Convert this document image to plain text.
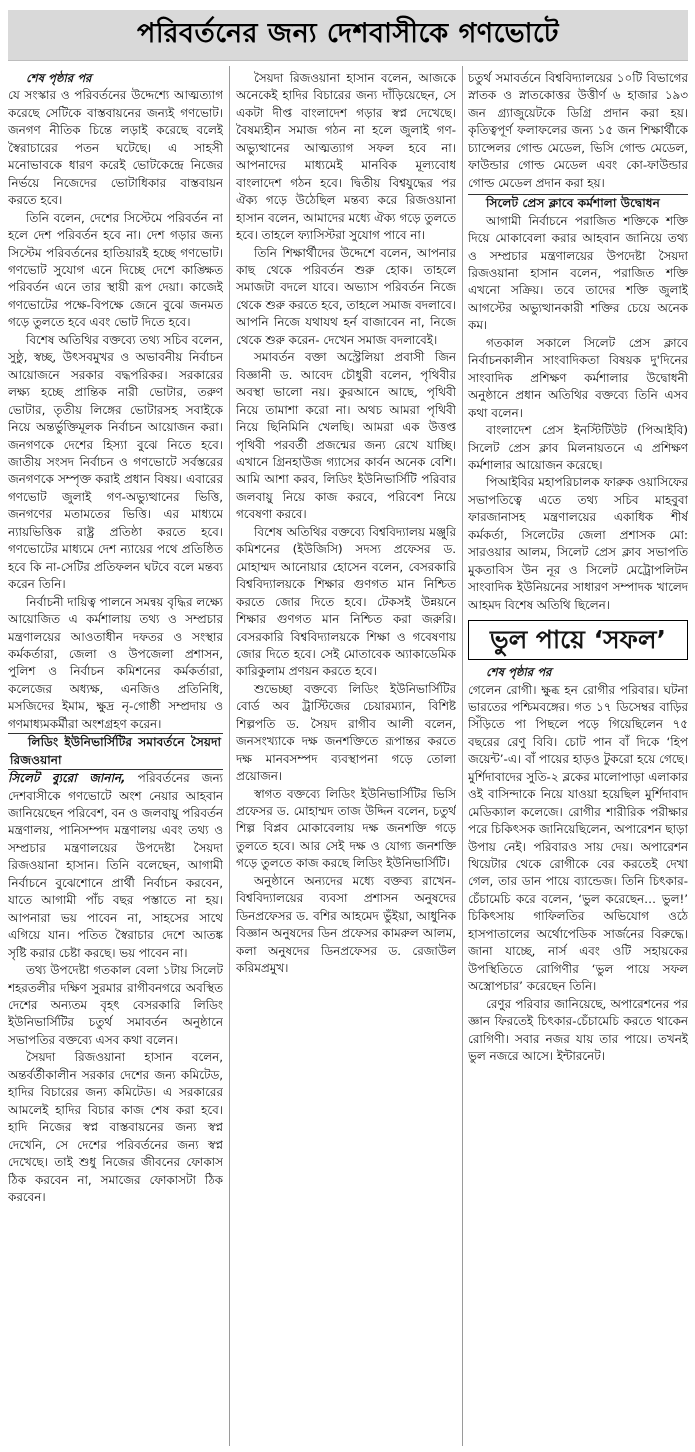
পরিবর্তনের জন্য দেশবাসীকে গণভোটে

শেষ পৃষ্ঠার পর

যে সংস্কার ও পরিবর্তনের উদ্দেশ্যে আত্মত্যাগ করেছে সেটিকে বাস্তবায়নের জন্যই গণভোট। জনগণ নীতিক চিন্তে লড়াই করেছে বলেই স্বৈরাচারের পতন ঘটেছে। এ সাহসী মনোভাবকে ধারণ করেই ভোটকেন্দ্রে নিজের নির্ভয়ে নিজেদের ভোটাধিকার বাস্তবায়ন করতে হবে।

তিনি বলেন, দেশের সিস্টেমে পরিবর্তন না হলে দেশ পরিবর্তন হবে না। দেশ গড়ার জন্য সিস্টেম পরিবর্তনের হাতিয়ারই হচ্ছে গণভোট। গণভোট সুযোগ এনে দিচ্ছে দেশে কাঙ্ক্ষিত পরিবর্তন এনে তার স্থায়ী রূপ দেয়া। কাজেই গণভোটের পক্ষে-বিপক্ষে জেনে বুঝে জনমত গড়ে তুলতে হবে এবং ভোট দিতে হবে।

বিশেষ অতিথির বক্তব্যে তথ্য সচিব বলেন, সুষ্ঠু, স্বচ্ছ, উৎসবমুখর ও অভাবনীয় নির্বাচন আয়োজনে সরকার বদ্ধপরিকর। সরকারের লক্ষ্য হচ্ছে প্রান্তিক নারী ভোটার, তরুণ ভোটার, তৃতীয় লিঙ্গের ভোটারসহ সবাইকে নিয়ে অন্তর্ভুক্তিমূলক নির্বাচন আয়োজন করা। জনগণকে দেশের হিস্যা বুঝে নিতে হবে। জাতীয় সংসদ নির্বাচন ও গণভোটে সর্বস্তরের জনগণকে সম্পৃক্ত করাই প্রধান বিষয়। এবারের গণভোট জুলাই গণ-অভ্যুত্থানের ভিত্তি, জনগণের মতামতের ভিত্তি। এর মাধ্যমে ন্যায়ভিত্তিক রাষ্ট্র প্রতিষ্ঠা করতে হবে। গণভোটের মাধ্যমে দেশ ন্যায়ের পথে প্রতিষ্ঠিত হবে কি না-সেটির প্রতিফলন ঘটবে বলে মন্তব্য করেন তিনি।

নির্বাচনী দায়িত্ব পালনে সমন্বয় বৃদ্ধির লক্ষ্যে আয়োজিত এ কর্মশালায় তথ্য ও সম্প্রচার মন্ত্রণালয়ের আওতাধীন দফতর ও সংস্থার কর্মকর্তারা, জেলা ও উপজেলা প্রশাসন, পুলিশ ও নির্বাচন কমিশনের কর্মকর্তারা, কলেজের অধ্যক্ষ, এনজিও প্রতিনিধি, মসজিদের ইমাম, ক্ষুদ্র নৃ-গোষ্ঠী সম্প্রদায় ও গণমাধ্যমকর্মীরা অংশগ্রহণ করেন।

লিডিং ইউনিভার্সিটির সমাবর্তনে সৈয়দা রিজওয়ানা

সিলেট ব্যুরো জানান, পরিবর্তনের জন্য দেশবাসীকে গণভোটে অংশ নেয়ার আহবান জানিয়েছেন পরিবেশ, বন ও জলবায়ু পরিবর্তন মন্ত্রণালয়, পানিসম্পদ মন্ত্রণালয় এবং তথ্য ও সম্প্রচার মন্ত্রণালয়ের উপদেষ্টা সৈয়দা রিজওয়ানা হাসান। তিনি বলেছেন, আগামী নির্বাচনে বুঝেশোনে প্রার্থী নির্বাচন করবেন, যাতে আগামী পাঁচ বছর পস্তাতে না হয়। আপনারা ভয় পাবেন না, সাহসের সাথে এগিয়ে যান। পতিত স্বৈরাচার দেশে আতঙ্ক সৃষ্টি করার চেষ্টা করছে। ভয় পাবেন না।

তথ্য উপদেষ্টা গতকাল বেলা ১টায় সিলেট শহরতলীর দক্ষিণ সুরমার রাগীবনগরে অবস্থিত দেশের অন্যতম বৃহৎ বেসরকারি লিডিং ইউনিভার্সিটির চতুর্থ সমাবর্তন অনুষ্ঠানে সভাপতির বক্তব্যে এসব কথা বলেন।

সৈয়দা রিজওয়ানা হাসান বলেন, অন্তর্বর্তীকালীন সরকার দেশের জন্য কমিটেড, হাদির বিচারের জন্য কমিটেড। এ সরকারের আমলেই হাদির বিচার কাজ শেষ করা হবে। হাদি নিজের স্বপ্ন বাস্তবায়নের জন্য স্বপ্ন দেখেনি, সে দেশের পরিবর্তনের জন্য স্বপ্ন দেখেছে। তাই শুধু নিজের জীবনের ফোকাস ঠিক করবেন না, সমাজের ফোকাসটা ঠিক করবেন।

সৈয়দা রিজওয়ানা হাসান বলেন, আজকে অনেকেই হাদির বিচারের জন্য দাঁড়িয়েছেন, সে একটা দীপ্ত বাংলাদেশ গড়ার স্বপ্ন দেখেছে। বৈষম্যহীন সমাজ গঠন না হলে জুলাই গণ-অভ্যুত্থানের আত্মত্যাগ সফল হবে না। আপনাদের মাধ্যমেই মানবিক মূল্যবোধ বাংলাদেশ গঠন হবে। দ্বিতীয় বিশ্বযুদ্ধের পর ঐক্য গড়ে উঠেছিল মন্তব্য করে রিজওয়ানা হাসান বলেন, আমাদের মধ্যে ঐক্য গড়ে তুলতে হবে। তাহলে ফ্যাসিস্টরা সুযোগ পাবে না।

তিনি শিক্ষার্থীদের উদ্দেশে বলেন, আপনার কাছ থেকে পরিবর্তন শুরু হোক। তাহলে সমাজটা বদলে যাবে। অভ্যাস পরিবর্তন নিজে থেকে শুরু করতে হবে, তাহলে সমাজ বদলাবে। আপনি নিজে যথাযথ হর্ন বাজাবেন না, নিজে থেকে শুরু করেন- দেখেন সমাজ বদলাবেই।

সমাবর্তন বক্তা অস্ট্রেলিয়া প্রবাসী জিন বিজ্ঞানী ড. আবেদ চৌধুরী বলেন, পৃথিবীর অবস্থা ভালো নয়। কুরআনে আছে, পৃথিবী নিয়ে তামাশা করো না। অথচ আমরা পৃথিবী নিয়ে ছিনিমিনি খেলছি। আমরা এক উত্তপ্ত পৃথিবী পরবর্তী প্রজন্মের জন্য রেখে যাচ্ছি। এখানে গ্রিনহাউজ গ্যাসের কার্বন অনেক বেশি। আমি আশা করব, লিডিং ইউনিভার্সিটি পরিবার জলবায়ু নিয়ে কাজ করবে, পরিবেশ নিয়ে গবেষণা করবে।

বিশেষ অতিথির বক্তব্যে বিশ্ববিদ্যালয় মঞ্জুরি কমিশনের (ইউজিসি) সদস্য প্রফেসর ড. মোহাম্মদ আনোয়ার হোসেন বলেন, বেসরকারি বিশ্ববিদ্যালয়কে শিক্ষার গুণগত মান নিশ্চিত করতে জোর দিতে হবে। টেকসই উন্নয়নে শিক্ষার গুণগত মান নিশ্চিত করা জরুরি। বেসরকারি বিশ্ববিদ্যালয়কে শিক্ষা ও গবেষণায় জোর দিতে হবে। সেই মোতাবেক অ্যাকাডেমিক কারিকুলাম প্রণয়ন করতে হবে।

শুভেচ্ছা বক্তব্যে লিডিং ইউনিভার্সিটির বোর্ড অব ট্রাস্টিজের চেয়ারম্যান, বিশিষ্ট শিল্পপতি ড. সৈয়দ রাগীব আলী বলেন, জনসংখ্যাকে দক্ষ জনশক্তিতে রূপান্তর করতে দক্ষ মানবসম্পদ ব্যবস্থাপনা গড়ে তোলা প্রয়োজন।

স্বাগত বক্তব্যে লিডিং ইউনিভার্সিটির ভিসি প্রফেসর ড. মোহাম্মদ তাজ উদ্দিন বলেন, চতুর্থ শিল্প বিপ্লব মোকাবেলায় দক্ষ জনশক্তি গড়ে তুলতে হবে। আর সেই দক্ষ ও যোগ্য জনশক্তি গড়ে তুলতে কাজ করছে লিডিং ইউনিভার্সিটি।

অনুষ্ঠানে অন্যদের মধ্যে বক্তব্য রাখেন- বিশ্ববিদ্যালয়ের ব্যবসা প্রশাসন অনুষদের ডিনপ্রফেসর ড. বশির আহমেদ ভুঁইয়া, আধুনিক বিজ্ঞান অনুষদের ডিন প্রফেসর কামরুল আলম, কলা অনুষদের ডিনপ্রফেসর ড. রেজাউল করিমপ্রমুখ।

চতুর্থ সমাবর্তনে বিশ্ববিদ্যালয়ের ১০টি বিভাগের স্নাতক ও স্নাতকোত্তর উত্তীর্ণ ৬ হাজার ১৯৩ জন গ্র্যাজুয়েটকে ডিগ্রি প্রদান করা হয়। কৃতিত্বপূর্ণ ফলাফলের জন্য ১৫ জন শিক্ষার্থীকে চ্যান্সেলর গোল্ড মেডেল, ভিসি গোল্ড মেডেল, ফাউন্ডার গোল্ড মেডেল এবং কো-ফাউন্ডার গোল্ড মেডেল প্রদান করা হয়।

সিলেট প্রেস ক্লাবে কর্মশালা উদ্বোধন

আগামী নির্বাচনে পরাজিত শক্তিকে শক্তি দিয়ে মোকাবেলা করার আহবান জানিয়ে তথ্য ও সম্প্রচার মন্ত্রণালয়ের উপদেষ্টা সৈয়দা রিজওয়ানা হাসান বলেন, পরাজিত শক্তি এখনো সক্রিয়। তবে তাদের শক্তি জুলাই আগস্টের অভ্যুত্থানকারী শক্তির চেয়ে অনেক কম।

গতকাল সকালে সিলেট প্রেস ক্লাবে নির্বাচনকালীন সাংবাদিকতা বিষয়ক দু'দিনের সাংবাদিক প্রশিক্ষণ কর্মশালার উদ্বোধনী অনুষ্ঠানে প্রধান অতিথির বক্তব্যে তিনি এসব কথা বলেন।

বাংলাদেশ প্রেস ইনস্টিটিউট (পিআইবি) সিলেট প্রেস ক্লাব মিলনায়তনে এ প্রশিক্ষণ কর্মশালার আয়োজন করেছে।

পিআইবির মহাপরিচালক ফারুক ওয়াসিফের সভাপতিত্বে এতে তথ্য সচিব মাহবুবা ফারজানাসহ মন্ত্রণালয়ের একাধিক শীর্ষ কর্মকর্তা, সিলেটের জেলা প্রশাসক মো: সারওয়ার আলম, সিলেট প্রেস ক্লাব সভাপতি মুকতাবিস উন নূর ও সিলেট মেট্রোপলিটন সাংবাদিক ইউনিয়নের সাধারণ সম্পাদক খালেদ আহমদ বিশেষ অতিথি ছিলেন।

ভুল পায়ে ‘সফল’

শেষ পৃষ্ঠার পর

গেলেন রোগী। ক্ষুব্ধ হন রোগীর পরিবার। ঘটনা ভারতের পশ্চিমবঙ্গের। গত ১৭ ডিসেম্বর বাড়ির সিঁড়িতে পা পিছলে পড়ে গিয়েছিলেন ৭৫ বছরের রেণু বিবি। চোট পান বাঁ দিকে ‘হিপ জয়েন্ট’-এ। বাঁ পায়ের হাড়ও টুকরো হয়ে গেছে। মুর্শিদাবাদের সুতি-২ ব্লকের মালোপাড়া এলাকার ওই বাসিন্দাকে নিয়ে যাওয়া হয়েছিল মুর্শিদাবাদ মেডিক্যাল কলেজে। রোগীর শারীরিক পরীক্ষার পরে চিকিৎসক জানিয়েছিলেন, অপারেশন ছাড়া উপায় নেই। পরিবারও সায় দেয়। অপারেশন থিয়েটার থেকে রোগীকে বের করতেই দেখা গেল, তার ডান পায়ে ব্যান্ডেজ। তিনি চিৎকার-চেঁচামেচি করে বলেন, ‘ভুল করেছেন… ভুল!’ চিকিৎসায় গাফিলতির অভিযোগ ওঠে হাসপাতালের অর্থোপেডিক সার্জনের বিরুদ্ধে। জানা যাচ্ছে, নার্স এবং ওটি সহায়কের উপস্থিতিতে রোগিণীর ‘ভুল পায়ে সফল অস্ত্রোপচার’ করেছেন তিনি।

রেণুর পরিবার জানিয়েছে, অপারেশনের পর জ্ঞান ফিরতেই চিৎকার-চেঁচামেচি করতে থাকেন রোগিণী। সবার নজর যায় তার পায়ে। তখনই ভুল নজরে আসে। ইন্টারনেট।
